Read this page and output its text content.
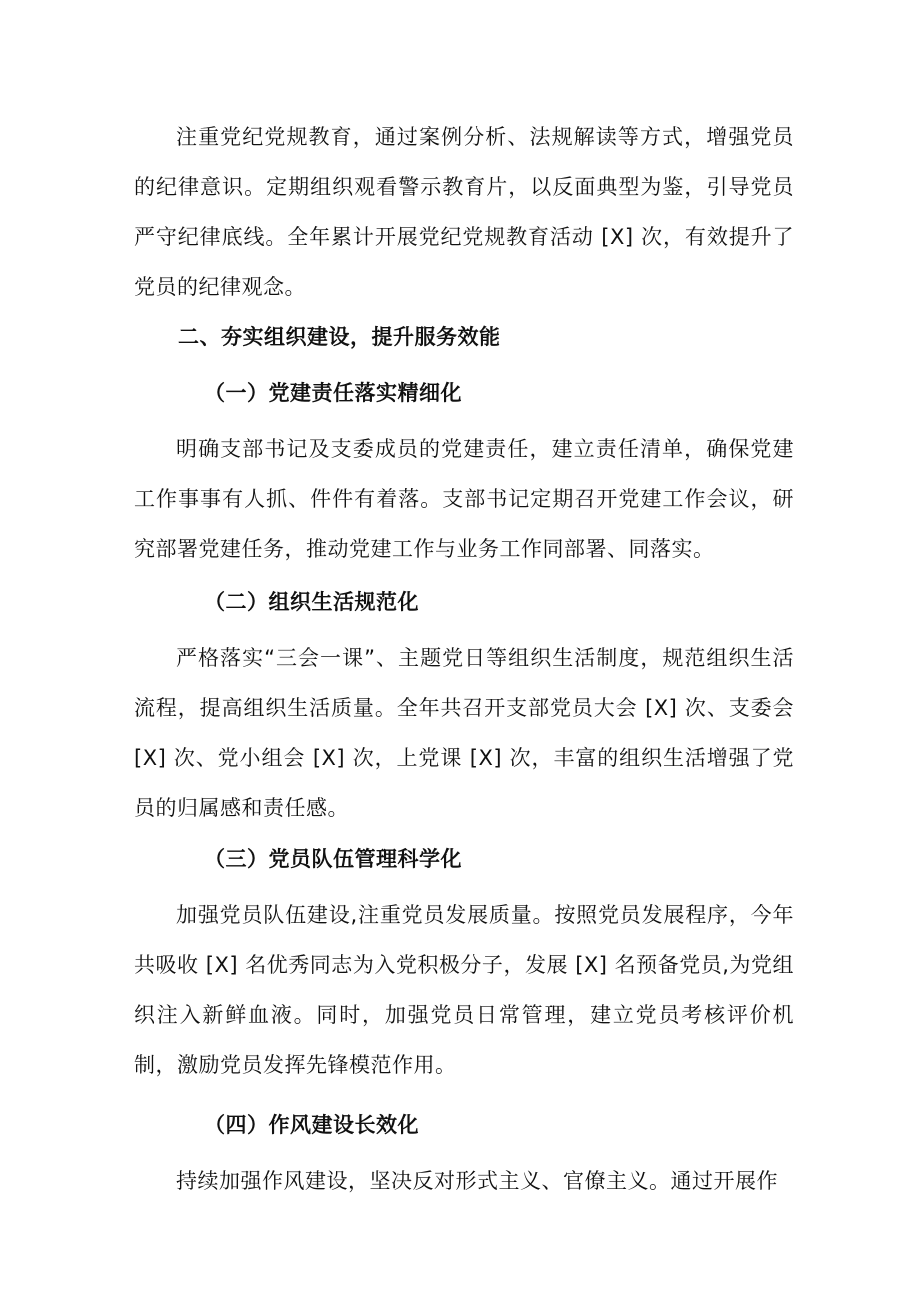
注重党纪党规教育，通过案例分析、法规解读等方式，增强党员的纪律意识。定期组织观看警示教育片，以反面典型为鉴，引导党员严守纪律底线。全年累计开展党纪党规教育活动 [X] 次，有效提升了党员的纪律观念。

二、夯实组织建设，提升服务效能
（一）党建责任落实精细化

明确支部书记及支委成员的党建责任，建立责任清单，确保党建工作事事有人抓、件件有着落。支部书记定期召开党建工作会议，研究部署党建任务，推动党建工作与业务工作同部署、同落实。

（二）组织生活规范化

严格落实“三会一课”、主题党日等组织生活制度，规范组织生活流程，提高组织生活质量。全年共召开支部党员大会 [X] 次、支委会 [X] 次、党小组会 [X] 次，上党课 [X] 次，丰富的组织生活增强了党员的归属感和责任感。

（三）党员队伍管理科学化

加强党员队伍建设,注重党员发展质量。按照党员发展程序，今年共吸收 [X] 名优秀同志为入党积极分子，发展 [X] 名预备党员,为党组织注入新鲜血液。同时，加强党员日常管理，建立党员考核评价机制，激励党员发挥先锋模范作用。

（四）作风建设长效化

持续加强作风建设，坚决反对形式主义、官僚主义。通过开展作
